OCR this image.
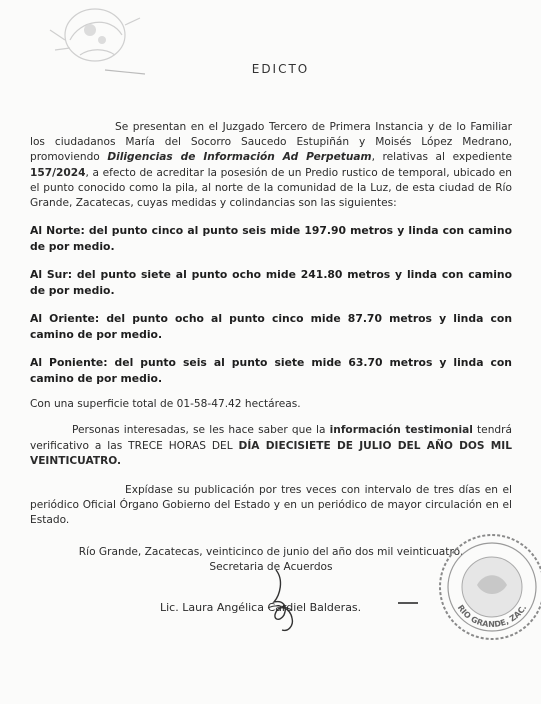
EDICTO

Se presentan en el Juzgado Tercero de Primera Instancia y de lo Familiar los ciudadanos María del Socorro Saucedo Estupiñán y Moisés López Medrano, promoviendo Diligencias de Información Ad Perpetuam, relativas al expediente 157/2024, a efecto de acreditar la posesión de un Predio rustico de temporal, ubicado en el punto conocido como la pila, al norte de la comunidad de la Luz, de esta ciudad de Río Grande, Zacatecas, cuyas medidas y colindancias son las siguientes:

Al Norte: del punto cinco al punto seis mide 197.90 metros y linda con camino de por medio.

Al Sur: del punto siete al punto ocho mide 241.80 metros y linda con camino de por medio.

Al Oriente: del punto ocho al punto cinco mide 87.70 metros y linda con camino de por medio.

Al Poniente: del punto seis al punto siete mide 63.70 metros y linda con camino de por medio.

Con una superficie total de 01-58-47.42 hectáreas.

Personas interesadas, se les hace saber que la información testimonial tendrá verificativo a las TRECE HORAS DEL DÍA DIECISIETE DE JULIO DEL AÑO DOS MIL VEINTICUATRO.

Expídase su publicación por tres veces con intervalo de tres días en el periódico Oficial Órgano Gobierno del Estado y en un periódico de mayor circulación en el Estado.

Río Grande, Zacatecas, veinticinco de junio del año dos mil veinticuatro.
Secretaria de Acuerdos
Lic. Laura Angélica Cardiel Balderas.	RIO GRANDE, ZAC.
